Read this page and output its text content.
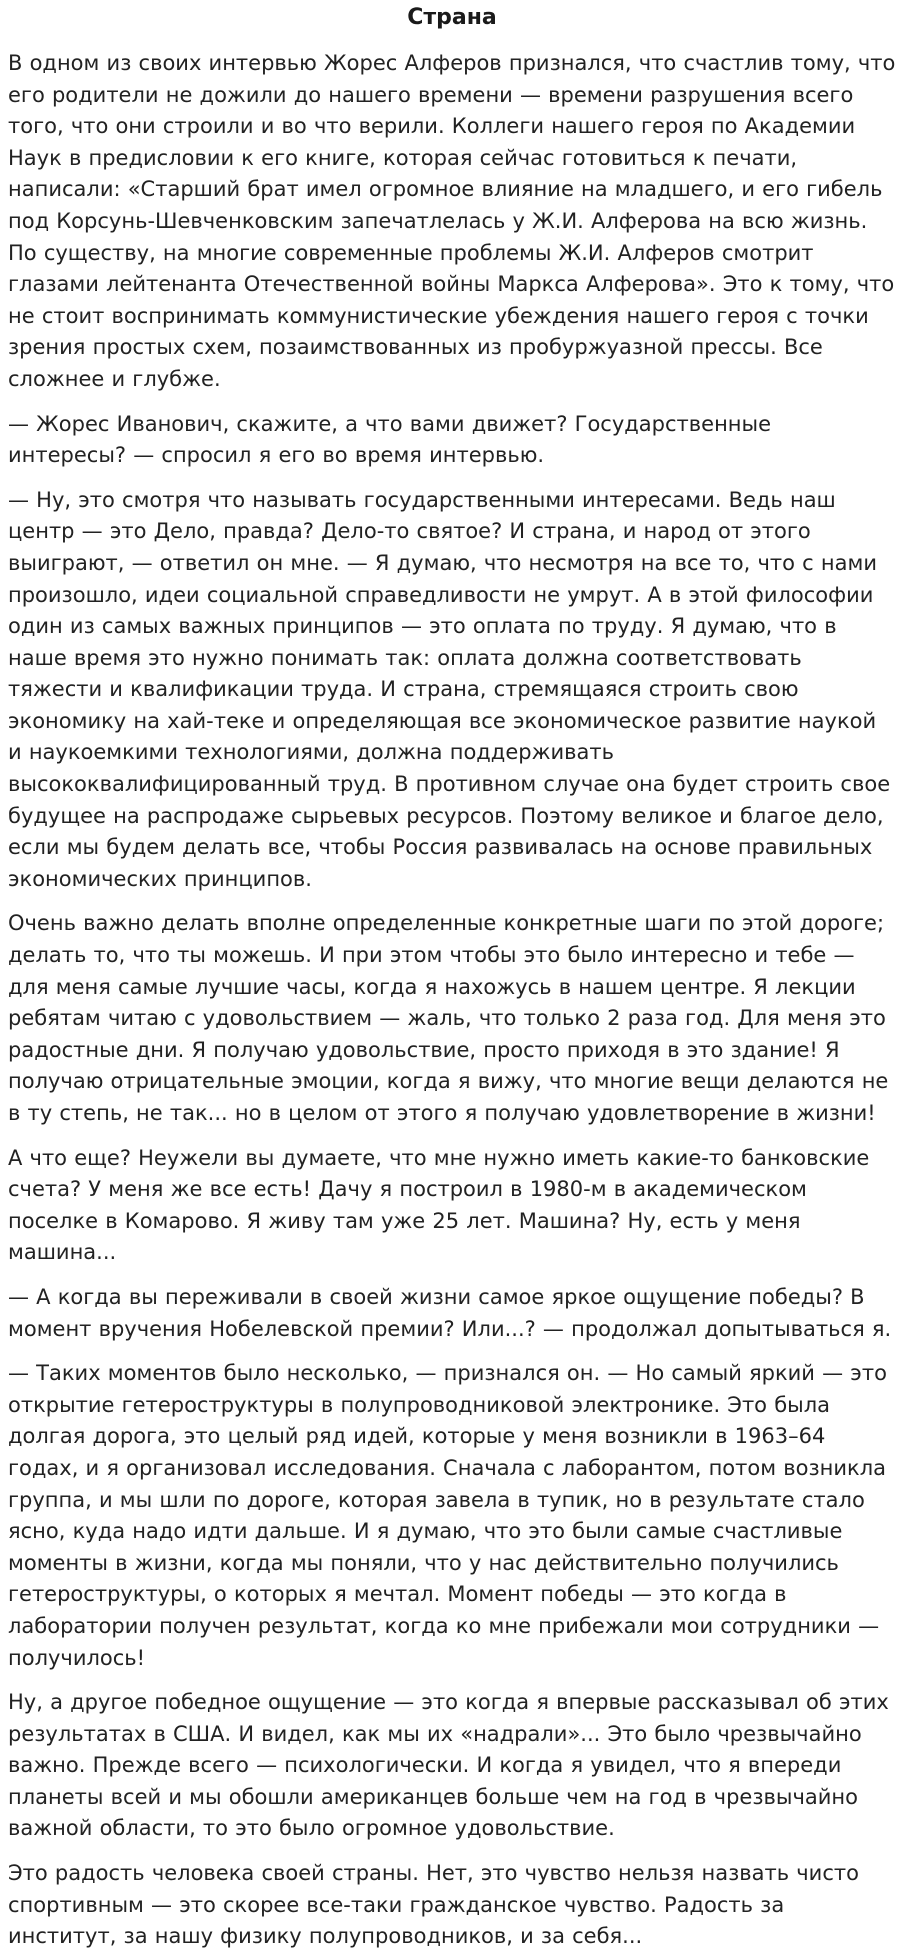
Страна

В одном из своих интервью Жорес Алферов признался, что счастлив тому, что его родители не дожили до нашего времени — времени разрушения всего того, что они строили и во что верили. Коллеги нашего героя по Академии Наук в предисловии к его книге, которая сейчас готовиться к печати, написали: «Старший брат имел огромное влияние на младшего, и его гибель под Корсунь-Шевченковским запечатлелась у Ж.И. Алферова на всю жизнь. По существу, на многие современные проблемы Ж.И. Алферов смотрит глазами лейтенанта Отечественной войны Маркса Алферова». Это к тому, что не стоит воспринимать коммунистические убеждения нашего героя с точки зрения простых схем, позаимствованных из пробуржуазной прессы. Все сложнее и глубже.

— Жорес Иванович, скажите, а что вами движет? Государственные интересы? — спросил я его во время интервью.

— Ну, это смотря что называть государственными интересами. Ведь наш центр — это Дело, правда? Дело-то святое? И страна, и народ от этого выиграют, — ответил он мне. — Я думаю, что несмотря на все то, что с нами произошло, идеи социальной справедливости не умрут. А в этой философии один из самых важных принципов — это оплата по труду. Я думаю, что в наше время это нужно понимать так: оплата должна соответствовать тяжести и квалификации труда. И страна, стремящаяся строить свою экономику на хай-теке и определяющая все экономическое развитие наукой и наукоемкими технологиями, должна поддерживать высококвалифицированный труд. В противном случае она будет строить свое будущее на распродаже сырьевых ресурсов. Поэтому великое и благое дело, если мы будем делать все, чтобы Россия развивалась на основе правильных экономических принципов.

Очень важно делать вполне определенные конкретные шаги по этой дороге; делать то, что ты можешь. И при этом чтобы это было интересно и тебе — для меня самые лучшие часы, когда я нахожусь в нашем центре. Я лекции ребятам читаю с удовольствием — жаль, что только 2 раза год. Для меня это радостные дни. Я получаю удовольствие, просто приходя в это здание! Я получаю отрицательные эмоции, когда я вижу, что многие вещи делаются не в ту степь, не так... но в целом от этого я получаю удовлетворение в жизни!

А что еще? Неужели вы думаете, что мне нужно иметь какие-то банковские счета? У меня же все есть! Дачу я построил в 1980-м в академическом поселке в Комарово. Я живу там уже 25 лет. Машина? Ну, есть у меня машина...

— А когда вы переживали в своей жизни самое яркое ощущение победы? В момент вручения Нобелевской премии? Или...? — продолжал допытываться я.

— Таких моментов было несколько, — признался он. — Но самый яркий — это открытие гетероструктуры в полупроводниковой электронике. Это была долгая дорога, это целый ряд идей, которые у меня возникли в 1963–64 годах, и я организовал исследования. Сначала с лаборантом, потом возникла группа, и мы шли по дороге, которая завела в тупик, но в результате стало ясно, куда надо идти дальше. И я думаю, что это были самые счастливые моменты в жизни, когда мы поняли, что у нас действительно получились гетероструктуры, о которых я мечтал. Момент победы — это когда в лаборатории получен результат, когда ко мне прибежали мои сотрудники — получилось!

Ну, а другое победное ощущение — это когда я впервые рассказывал об этих результатах в США. И видел, как мы их «надрали»... Это было чрезвычайно важно. Прежде всего — психологически. И когда я увидел, что я впереди планеты всей и мы обошли американцев больше чем на год в чрезвычайно важной области, то это было огромное удовольствие.

Это радость человека своей страны. Нет, это чувство нельзя назвать чисто спортивным — это скорее все-таки гражданское чувство. Радость за институт, за нашу физику полупроводников, и за себя...
